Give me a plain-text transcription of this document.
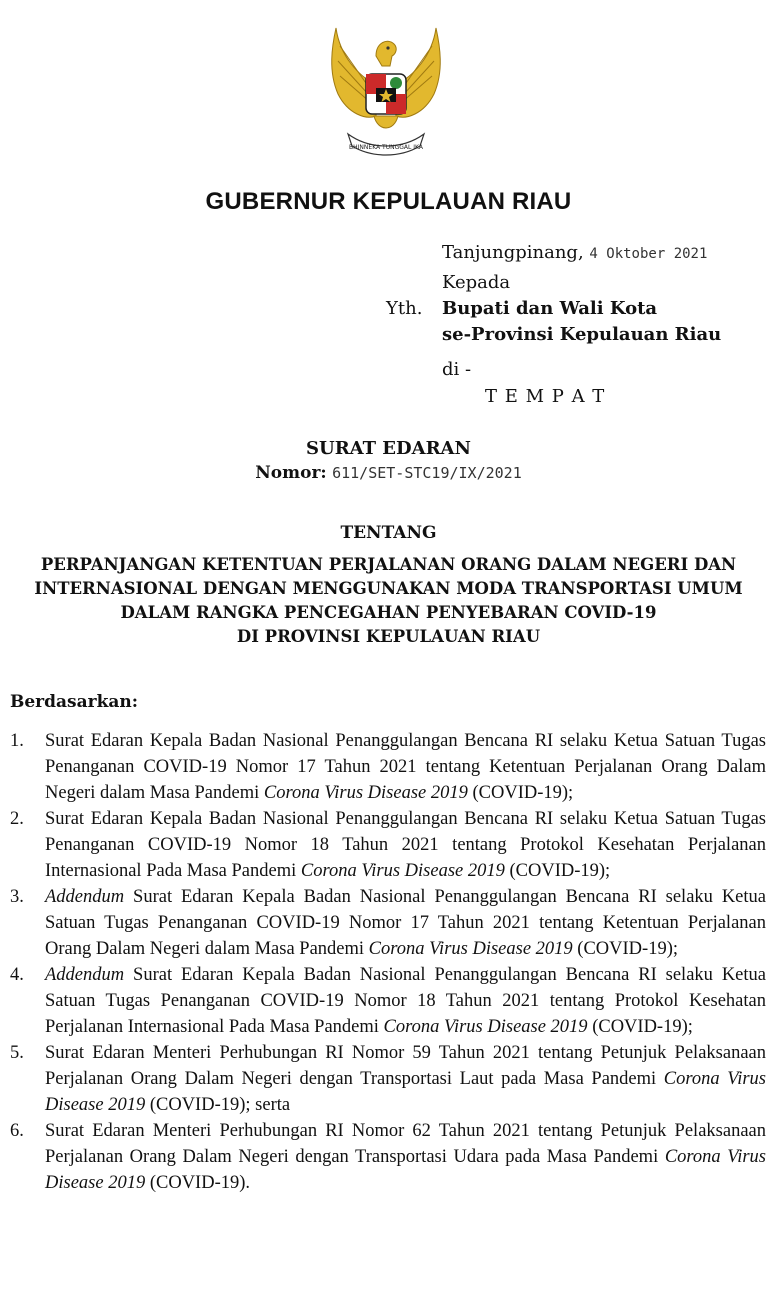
BHINNEKA TUNGGAL IKA
GUBERNUR KEPULAUAN RIAU
Tanjungpinang, 4 Oktober 2021
Kepada
Yth. Bupati dan Wali Kota
se-Provinsi Kepulauan Riau
di -
T E M P A T
SURAT EDARAN
Nomor: 611/SET-STC19/IX/2021
TENTANG
PERPANJANGAN KETENTUAN PERJALANAN ORANG DALAM NEGERI DAN
INTERNASIONAL DENGAN MENGGUNAKAN MODA TRANSPORTASI UMUM
DALAM RANGKA PENCEGAHAN PENYEBARAN COVID-19
DI PROVINSI KEPULAUAN RIAU
Berdasarkan:
1.	Surat Edaran Kepala Badan Nasional Penanggulangan Bencana RI selaku Ketua Satuan Tugas Penanganan COVID-19 Nomor 17 Tahun 2021 tentang Ketentuan Perjalanan Orang Dalam Negeri dalam Masa Pandemi Corona Virus Disease 2019 (COVID-19);
2.	Surat Edaran Kepala Badan Nasional Penanggulangan Bencana RI selaku Ketua Satuan Tugas Penanganan COVID-19 Nomor 18 Tahun 2021 tentang Protokol Kesehatan Perjalanan Internasional Pada Masa Pandemi Corona Virus Disease 2019 (COVID-19);
3.	Addendum Surat Edaran Kepala Badan Nasional Penanggulangan Bencana RI selaku Ketua Satuan Tugas Penanganan COVID-19 Nomor 17 Tahun 2021 tentang Ketentuan Perjalanan Orang Dalam Negeri dalam Masa Pandemi Corona Virus Disease 2019 (COVID-19);
4.	Addendum Surat Edaran Kepala Badan Nasional Penanggulangan Bencana RI selaku Ketua Satuan Tugas Penanganan COVID-19 Nomor 18 Tahun 2021 tentang Protokol Kesehatan Perjalanan Internasional Pada Masa Pandemi Corona Virus Disease 2019 (COVID-19);
5.	Surat Edaran Menteri Perhubungan RI Nomor 59 Tahun 2021 tentang Petunjuk Pelaksanaan Perjalanan Orang Dalam Negeri dengan Transportasi Laut pada Masa Pandemi Corona Virus Disease 2019 (COVID-19); serta
6.	Surat Edaran Menteri Perhubungan RI Nomor 62 Tahun 2021 tentang Petunjuk Pelaksanaan Perjalanan Orang Dalam Negeri dengan Transportasi Udara pada Masa Pandemi Corona Virus Disease 2019 (COVID-19).
